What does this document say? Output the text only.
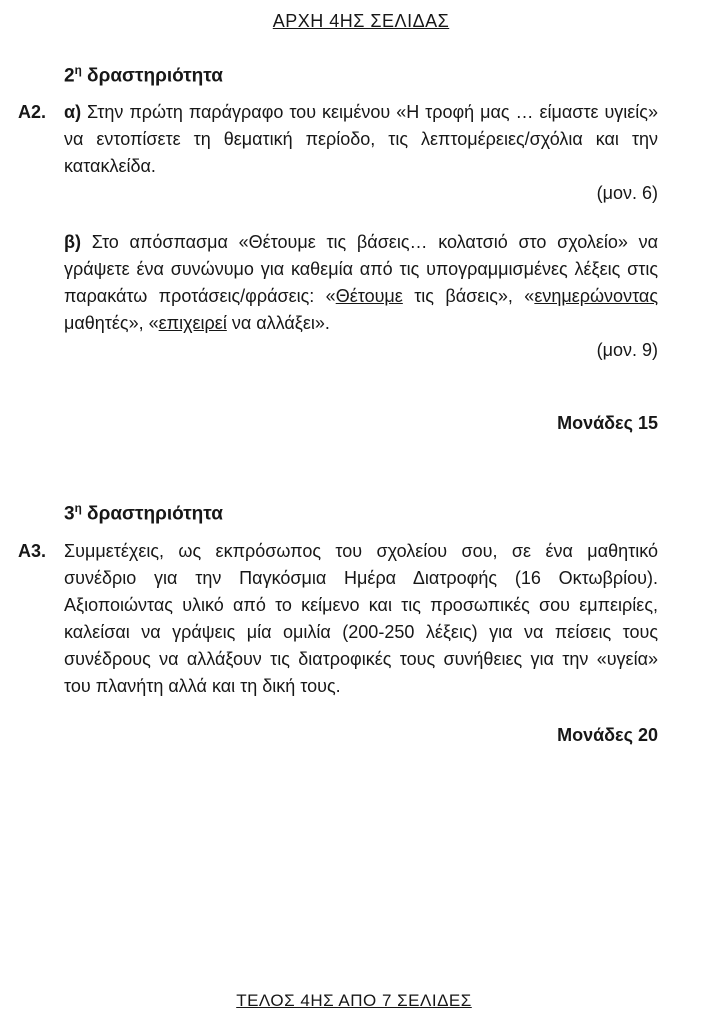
ΑΡΧΗ 4ΗΣ ΣΕΛΙΔΑΣ
$2^\eta$ δραστηριότητα
Α2. α) Στην πρώτη παράγραφο του κειμένου «Η τροφή μας … είμαστε υγιείς» να εντοπίσετε τη θεματική περίοδο, τις λεπτομέρειες/σχόλια και την κατακλείδα.

(μον. 6)

β) Στο απόσπασμα «Θέτουμε τις βάσεις… κολατσιό στο σχολείο» να γράψετε ένα συνώνυμο για καθεμία από τις υπογραμμισμένες λέξεις στις παρακάτω προτάσεις/φράσεις: «Θέτουμε τις βάσεις», «ενημερώνοντας μαθητές», «επιχειρεί να αλλάξει».

(μον. 9)

Μονάδες 15

$3^\eta$ δραστηριότητα
Α3. Συμμετέχεις, ως εκπρόσωπος του σχολείου σου, σε ένα μαθητικό συνέδριο για την Παγκόσμια Ημέρα Διατροφής (16 Οκτωβρίου). Αξιοποιώντας υλικό από το κείμενο και τις προσωπικές σου εμπειρίες, καλείσαι να γράψεις μία ομιλία (200-250 λέξεις) για να πείσεις τους συνέδρους να αλλάξουν τις διατροφικές τους συνήθειες για την «υγεία» του πλανήτη αλλά και τη δική τους.

Μονάδες 20

ΤΕΛΟΣ 4ΗΣ ΑΠΟ 7 ΣΕΛΙΔΕΣ
